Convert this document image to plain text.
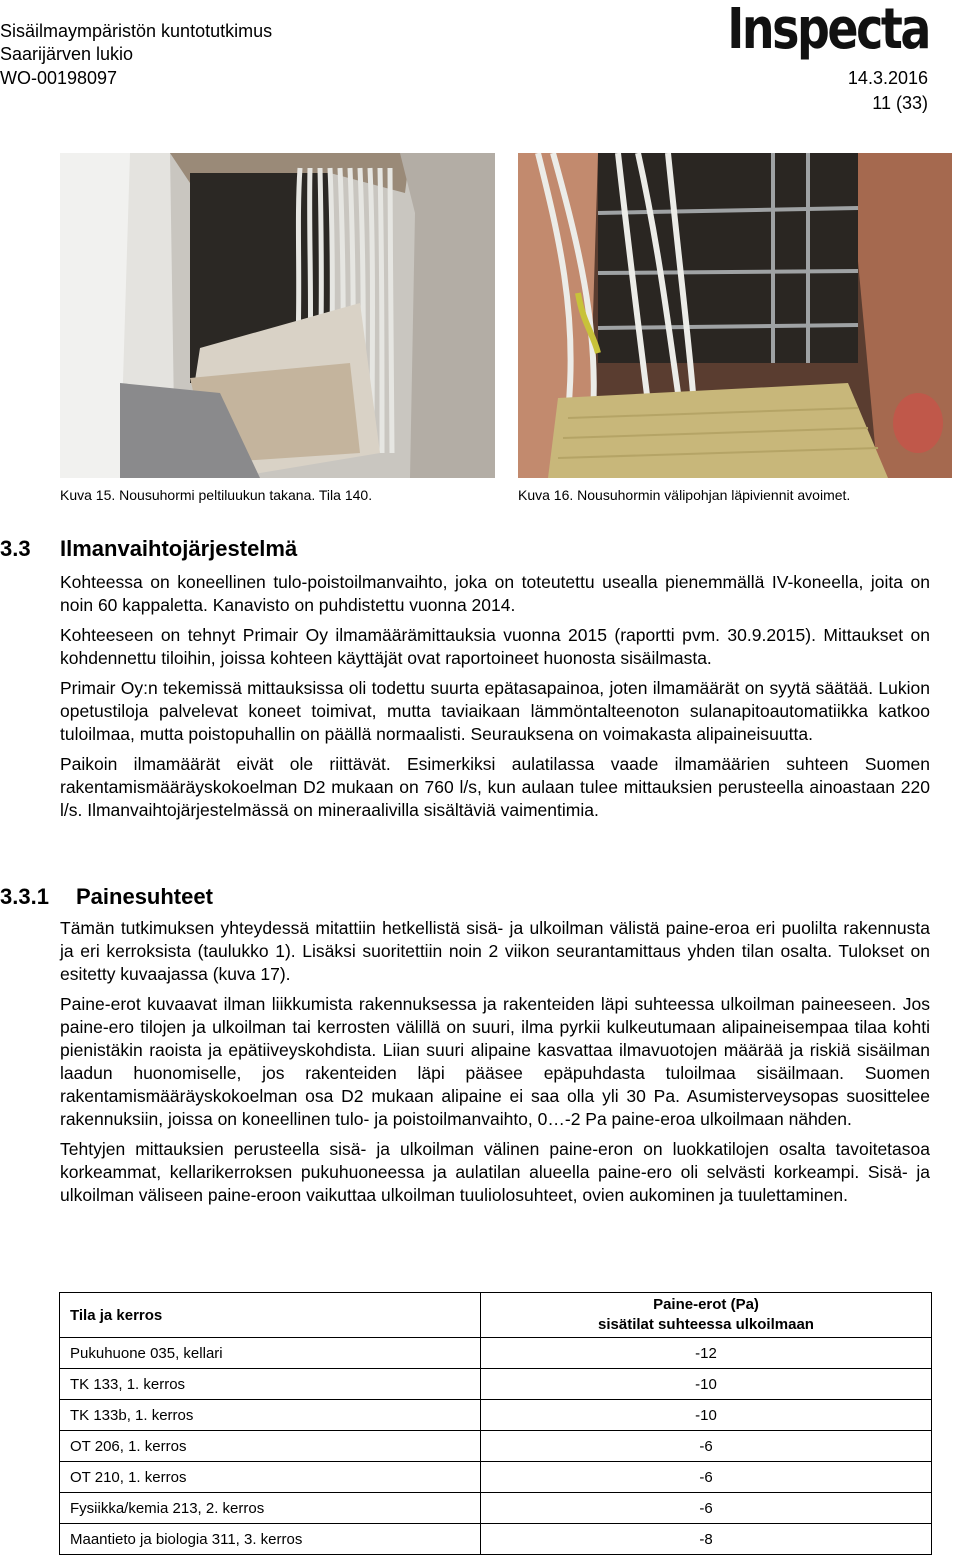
Sisäilmaympäristön kuntotutkimus
Saarijärven lukio
WO-00198097	14.3.2016
11 (33)
Inspecta
Kuva 15. Nousuhormi peltiluukun takana. Tila 140.	Kuva 16. Nousuhormin välipohjan läpiviennit avoimet.
3.3 Ilmanvaihtojärjestelmä

Kohteessa on koneellinen tulo-poistoilmanvaihto, joka on toteutettu usealla pienemmällä IV-koneella, joita on noin 60 kappaletta. Kanavisto on puhdistettu vuonna 2014.

Kohteeseen on tehnyt Primair Oy ilmamäärämittauksia vuonna 2015 (raportti pvm. 30.9.2015). Mittaukset on kohdennettu tiloihin, joissa kohteen käyttäjät ovat raportoineet huonosta sisäilmasta.

Primair Oy:n tekemissä mittauksissa oli todettu suurta epätasapainoa, joten ilmamäärät on syytä säätää. Lukion opetustiloja palvelevat koneet toimivat, mutta taviaikaan lämmöntalteenoton sulanapitoautomatiikka katkoo tuloilmaa, mutta poistopuhallin on päällä normaalisti. Seurauksena on voimakasta alipaineisuutta.

Paikoin ilmamäärät eivät ole riittävät. Esimerkiksi aulatilassa vaade ilmamäärien suhteen Suomen rakentamismääräyskokoelman D2 mukaan on 760 l/s, kun aulaan tulee mittauksien perusteella ainoastaan 220 l/s. Ilmanvaihtojärjestelmässä on mineraalivilla sisältäviä vaimentimia.

3.3.1 Painesuhteet

Tämän tutkimuksen yhteydessä mitattiin hetkellistä sisä- ja ulkoilman välistä paine-eroa eri puolilta rakennusta ja eri kerroksista (taulukko 1). Lisäksi suoritettiin noin 2 viikon seurantamittaus yhden tilan osalta. Tulokset on esitetty kuvaajassa (kuva 17).

Paine-erot kuvaavat ilman liikkumista rakennuksessa ja rakenteiden läpi suhteessa ulkoilman paineeseen. Jos paine-ero tilojen ja ulkoilman tai kerrosten välillä on suuri, ilma pyrkii kulkeutumaan alipaineisempaa tilaa kohti pienistäkin raoista ja epätiiveyskohdista. Liian suuri alipaine kasvattaa ilmavuotojen määrää ja riskiä sisäilman laadun huonomiselle, jos rakenteiden läpi pääsee epäpuhdasta tuloilmaa sisäilmaan. Suomen rakentamismääräyskokoelman osa D2 mukaan alipaine ei saa olla yli 30 Pa. Asumisterveysopas suosittelee rakennuksiin, joissa on koneellinen tulo- ja poistoilmanvaihto, 0…-2 Pa paine-eroa ulkoilmaan nähden.

Tehtyjen mittauksien perusteella sisä- ja ulkoilman välinen paine-eron on luokkatilojen osalta tavoitetasoa korkeammat, kellarikerroksen pukuhuoneessa ja aulatilan alueella paine-ero oli selvästi korkeampi. Sisä- ja ulkoilman väliseen paine-eroon vaikuttaa ulkoilman tuuliolosuhteet, ovien aukominen ja tuulettaminen.

Tila ja kerros	Paine-erot (Pa)
sisätilat suhteessa ulkoilmaan

Pukuhuone 035, kellari	-12
TK 133, 1. kerros	-10
TK 133b, 1. kerros	-10
OT 206, 1. kerros	-6
OT 210, 1. kerros	-6
Fysiikka/kemia 213, 2. kerros	-6
Maantieto ja biologia 311, 3. kerros	-8
